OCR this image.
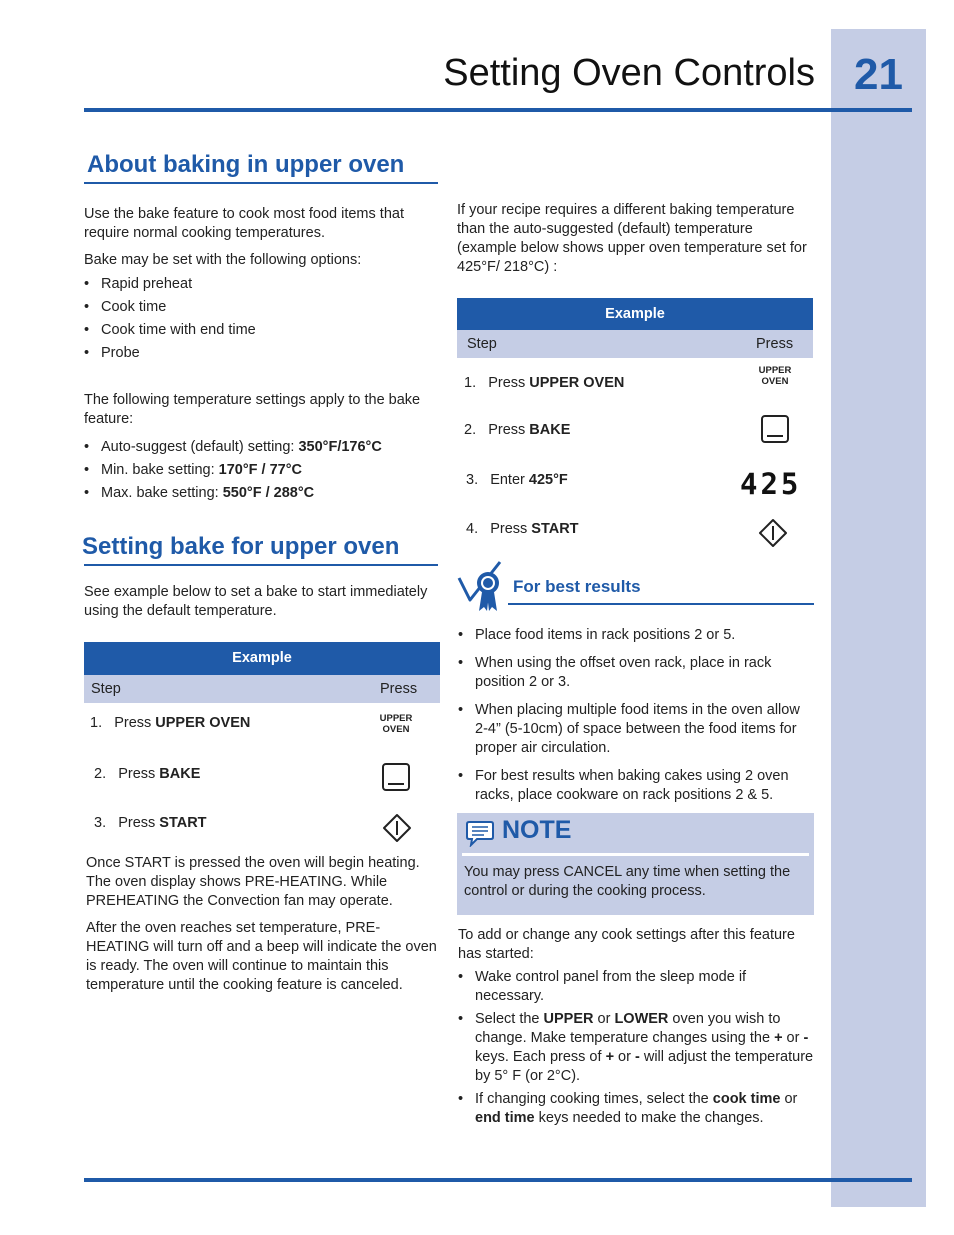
21
Setting Oven Controls
About baking in upper oven

Use the bake feature to cook most food items that require normal cooking temperatures.

Bake may be set with the following options:

• Rapid preheat
• Cook time
• Cook time with end time
• Probe

The following temperature settings apply to the bake feature:

• Auto-suggest (default) setting: 350°F/176°C
• Min. bake setting: 170°F / 77°C
• Max. bake setting: 550°F / 288°C
Setting bake for upper oven

See example below to set a bake to start immediately using the default temperature.

Example
Step	Press
1. Press UPPER OVEN	UPPER
OVEN
2. Press BAKE
3. Press START

Once START is pressed the oven will begin heating. The oven display shows PRE-HEATING. While PREHEATING the Convection fan may operate.

After the oven reaches set temperature, PRE-HEATING will turn off and a beep will indicate the oven is ready. The oven will continue to maintain this temperature until the cooking feature is canceled.

If your recipe requires a different baking temperature than the auto-suggested (default) temperature (example below shows upper oven temperature set for 425°F/ 218°C) :

Example
Step	Press
1. Press UPPER OVEN
UPPER
OVEN
2. Press BAKE
3. Enter 425°F	425
4. Press START
For best results
• Place food items in rack positions 2 or 5.
• When using the offset oven rack, place in rack position 2 or 3.
• When placing multiple food items in the oven allow 2-4” (5-10cm) of space between the food items for proper air circulation.
• For best results when baking cakes using 2 oven racks, place cookware on rack positions 2 & 5.
NOTE

You may press CANCEL any time when setting the control or during the cooking process.

To add or change any cook settings after this feature has started:

• Wake control panel from the sleep mode if necessary.
• Select the UPPER or LOWER oven you wish to change. Make temperature changes using the + or - keys. Each press of + or - will adjust the temperature by 5° F (or 2°C).
• If changing cooking times, select the cook time or end time keys needed to make the changes.
